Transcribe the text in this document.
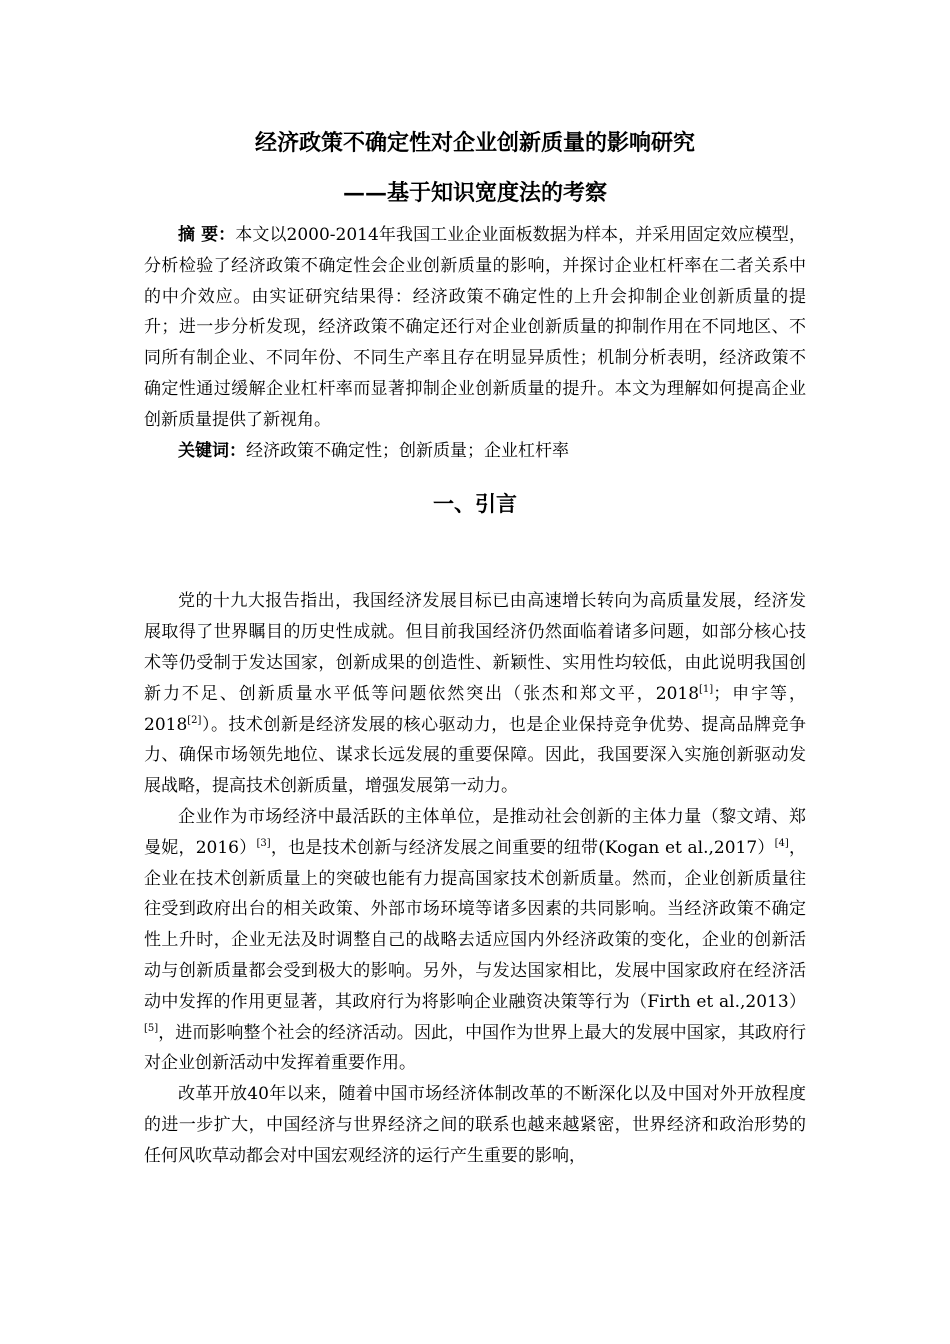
经济政策不确定性对企业创新质量的影响研究
——基于知识宽度法的考察

摘 要：本文以2000-2014年我国工业企业面板数据为样本，并采用固定效应模型，分析检验了经济政策不确定性会企业创新质量的影响，并探讨企业杠杆率在二者关系中的中介效应。由实证研究结果得：经济政策不确定性的上升会抑制企业创新质量的提升；进一步分析发现，经济政策不确定还行对企业创新质量的抑制作用在不同地区、不同所有制企业、不同年份、不同生产率且存在明显异质性；机制分析表明，经济政策不确定性通过缓解企业杠杆率而显著抑制企业创新质量的提升。本文为理解如何提高企业创新质量提供了新视角。

关键词：经济政策不确定性；创新质量；企业杠杆率

一、引言

党的十九大报告指出，我国经济发展目标已由高速增长转向为高质量发展，经济发展取得了世界瞩目的历史性成就。但目前我国经济仍然面临着诸多问题，如部分核心技术等仍受制于发达国家，创新成果的创造性、新颖性、实用性均较低，由此说明我国创新力不足、创新质量水平低等问题依然突出（张杰和郑文平，2018[1]；申宇等，2018[2]）。技术创新是经济发展的核心驱动力，也是企业保持竞争优势、提高品牌竞争力、确保市场领先地位、谋求长远发展的重要保障。因此，我国要深入实施创新驱动发展战略，提高技术创新质量，增强发展第一动力。

企业作为市场经济中最活跃的主体单位，是推动社会创新的主体力量（黎文靖、郑曼妮，2016）[3]，也是技术创新与经济发展之间重要的纽带(Kogan et al.,2017）[4]，企业在技术创新质量上的突破也能有力提高国家技术创新质量。然而，企业创新质量往往受到政府出台的相关政策、外部市场环境等诸多因素的共同影响。当经济政策不确定性上升时，企业无法及时调整自己的战略去适应国内外经济政策的变化，企业的创新活动与创新质量都会受到极大的影响。另外，与发达国家相比，发展中国家政府在经济活动中发挥的作用更显著，其政府行为将影响企业融资决策等行为（Firth et al.,2013）[5]，进而影响整个社会的经济活动。因此，中国作为世界上最大的发展中国家，其政府行对企业创新活动中发挥着重要作用。

改革开放40年以来，随着中国市场经济体制改革的不断深化以及中国对外开放程度的进一步扩大，中国经济与世界经济之间的联系也越来越紧密，世界经济和政治形势的任何风吹草动都会对中国宏观经济的运行产生重要的影响，
